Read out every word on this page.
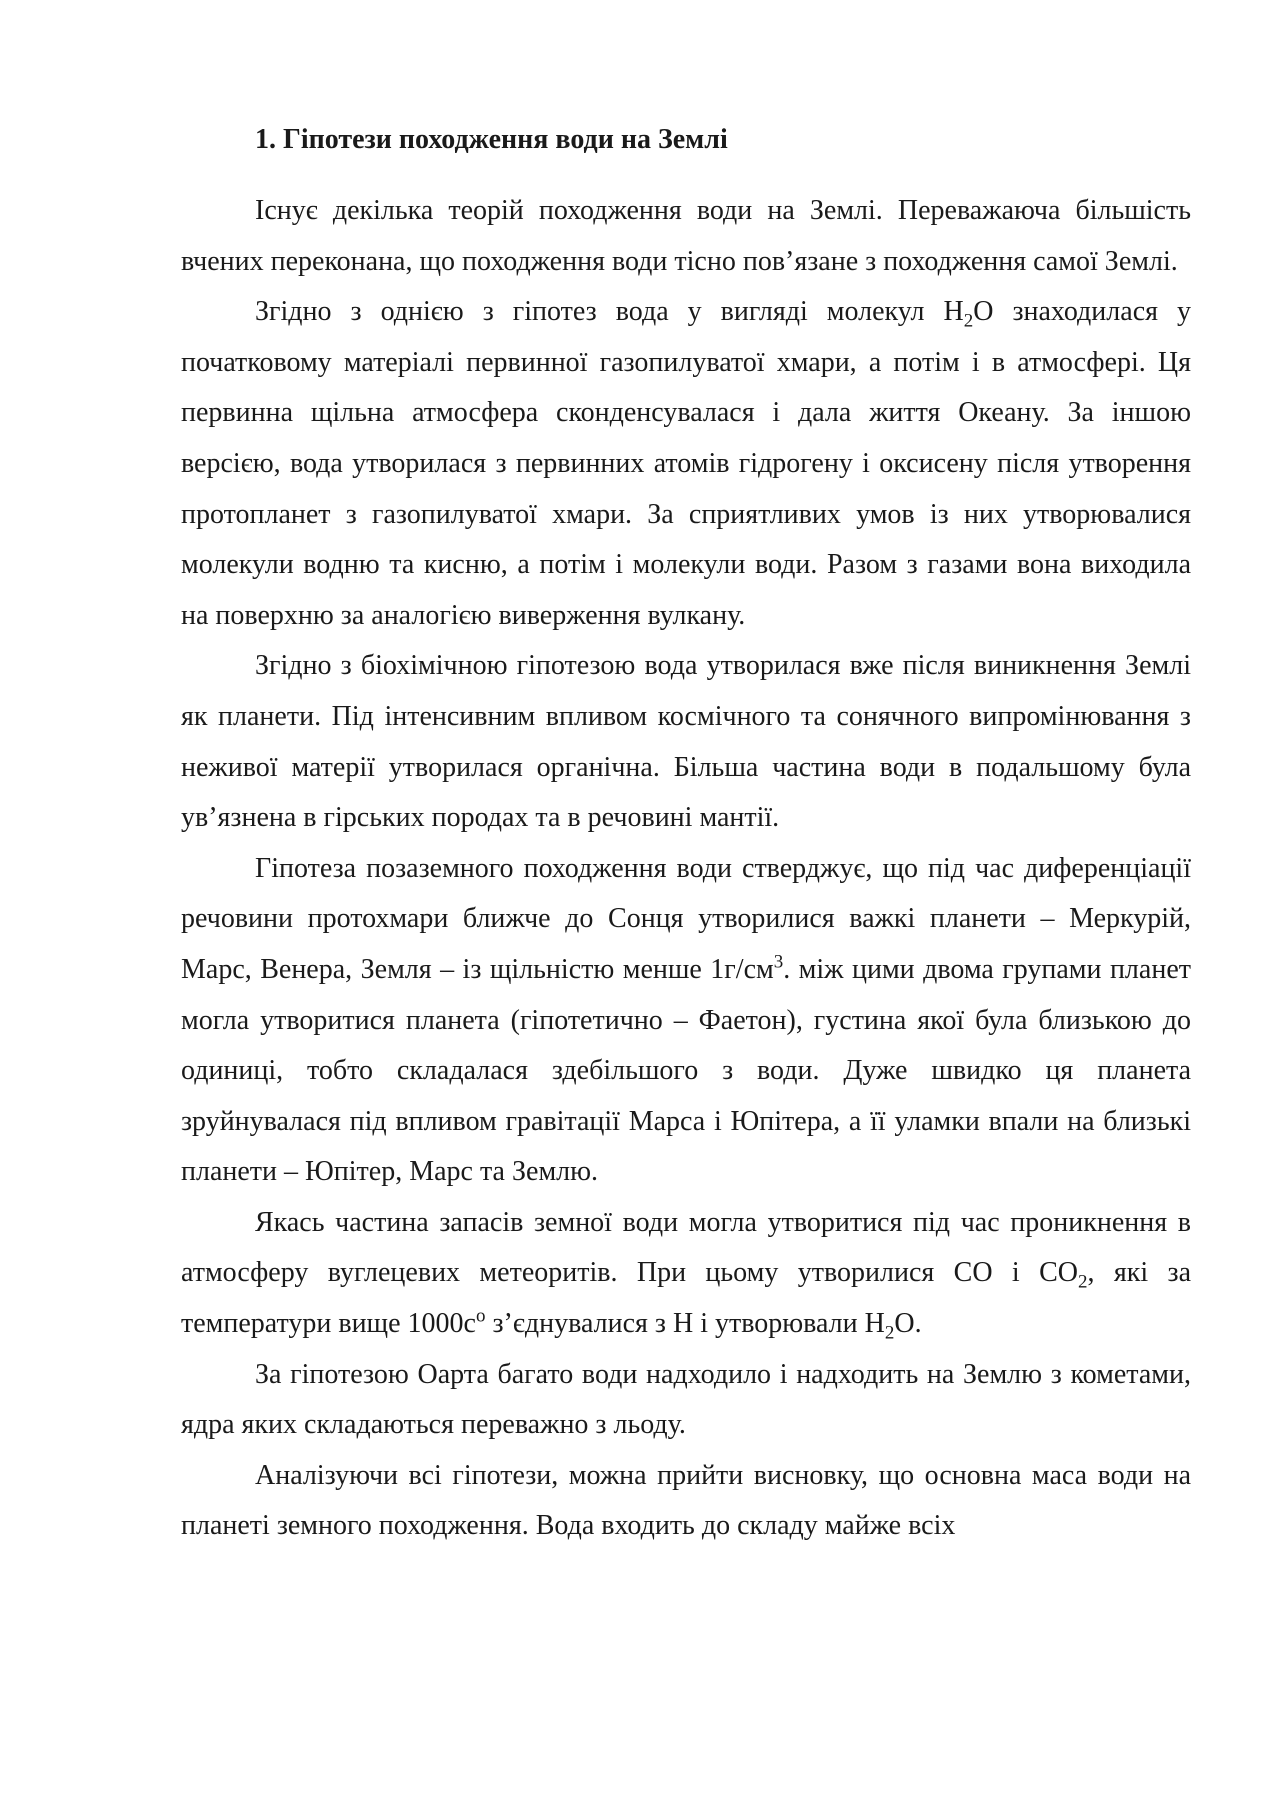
1. Гіпотези походження води на Землі

Існує декілька теорій походження води на Землі. Переважаюча більшість вчених переконана, що походження води тісно пов’язане з походження самої Землі.

Згідно з однією з гіпотез вода у вигляді молекул $H_2O$ знаходилася у початковому матеріалі первинної газопилуватої хмари, а потім і в атмосфері. Ця первинна щільна атмосфера сконденсувалася і дала життя Океану. За іншою версією, вода утворилася з первинних атомів гідрогену і оксисену після утворення протопланет з газопилуватої хмари. За сприятливих умов із них утворювалися молекули водню та кисню, а потім і молекули води. Разом з газами вона виходила на поверхню за аналогією виверження вулкану.

Згідно з біохімічною гіпотезою вода утворилася вже після виникнення Землі як планети. Під інтенсивним впливом космічного та сонячного випромінювання з неживої матерії утворилася органічна. Більша частина води в подальшому була ув’язнена в гірських породах та в речовині мантії.

Гіпотеза позаземного походження води стверджує, що під час диференціації речовини протохмари ближче до Сонця утворилися важкі планети – Меркурій, Марс, Венера, Земля – із щільністю менше $1г/см^3$. між цими двома групами планет могла утворитися планета (гіпотетично – Фаетон), густина якої була близькою до одиниці, тобто складалася здебільшого з води. Дуже швидко ця планета зруйнувалася під впливом гравітації Марса і Юпітера, а її уламки впали на близькі планети – Юпітер, Марс та Землю.

Якась частина запасів земної води могла утворитися під час проникнення в атмосферу вуглецевих метеоритів. При цьому утворилися СО і $СО_2$, які за температури вище $1000с^о$ з’єднувалися з Н і утворювали $Н_2О$.

За гіпотезою Оарта багато води надходило і надходить на Землю з кометами, ядра яких складаються переважно з льоду.

Аналізуючи всі гіпотези, можна прийти висновку, що основна маса води на планеті земного походження. Вода входить до складу майже всіх
